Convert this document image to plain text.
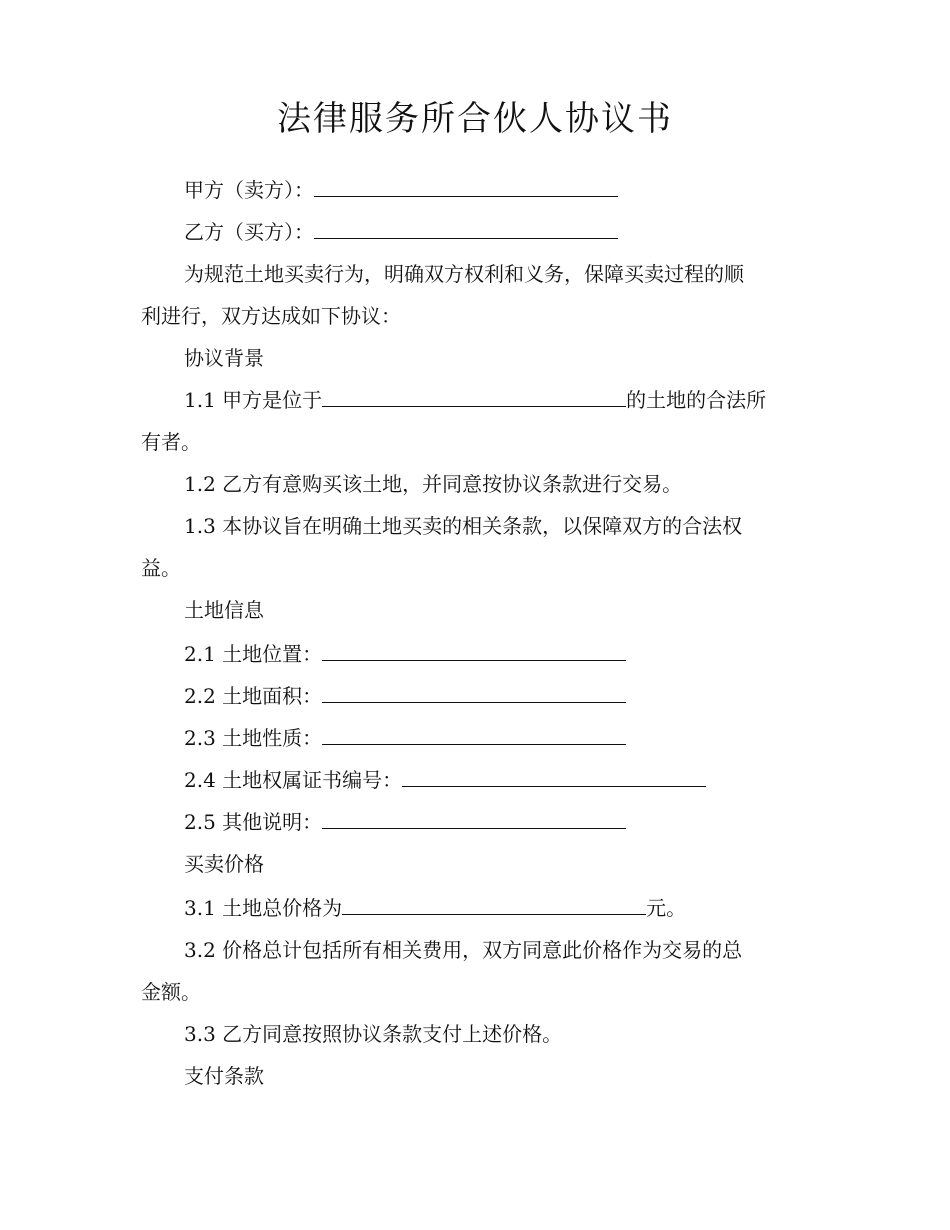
法律服务所合伙人协议书
甲方（卖方）：
乙方（买方）：
为规范土地买卖行为，明确双方权利和义务，保障买卖过程的顺
利进行，双方达成如下协议：
协议背景
1.1 甲方是位于	的土地的合法所
有者。
1.2 乙方有意购买该土地，并同意按协议条款进行交易。
1.3 本协议旨在明确土地买卖的相关条款，以保障双方的合法权
益。
土地信息
2.1 土地位置：
2.2 土地面积：
2.3 土地性质：
2.4 土地权属证书编号：
2.5 其他说明：
买卖价格
3.1 土地总价格为	元。
3.2 价格总计包括所有相关费用，双方同意此价格作为交易的总
金额。
3.3 乙方同意按照协议条款支付上述价格。
支付条款
